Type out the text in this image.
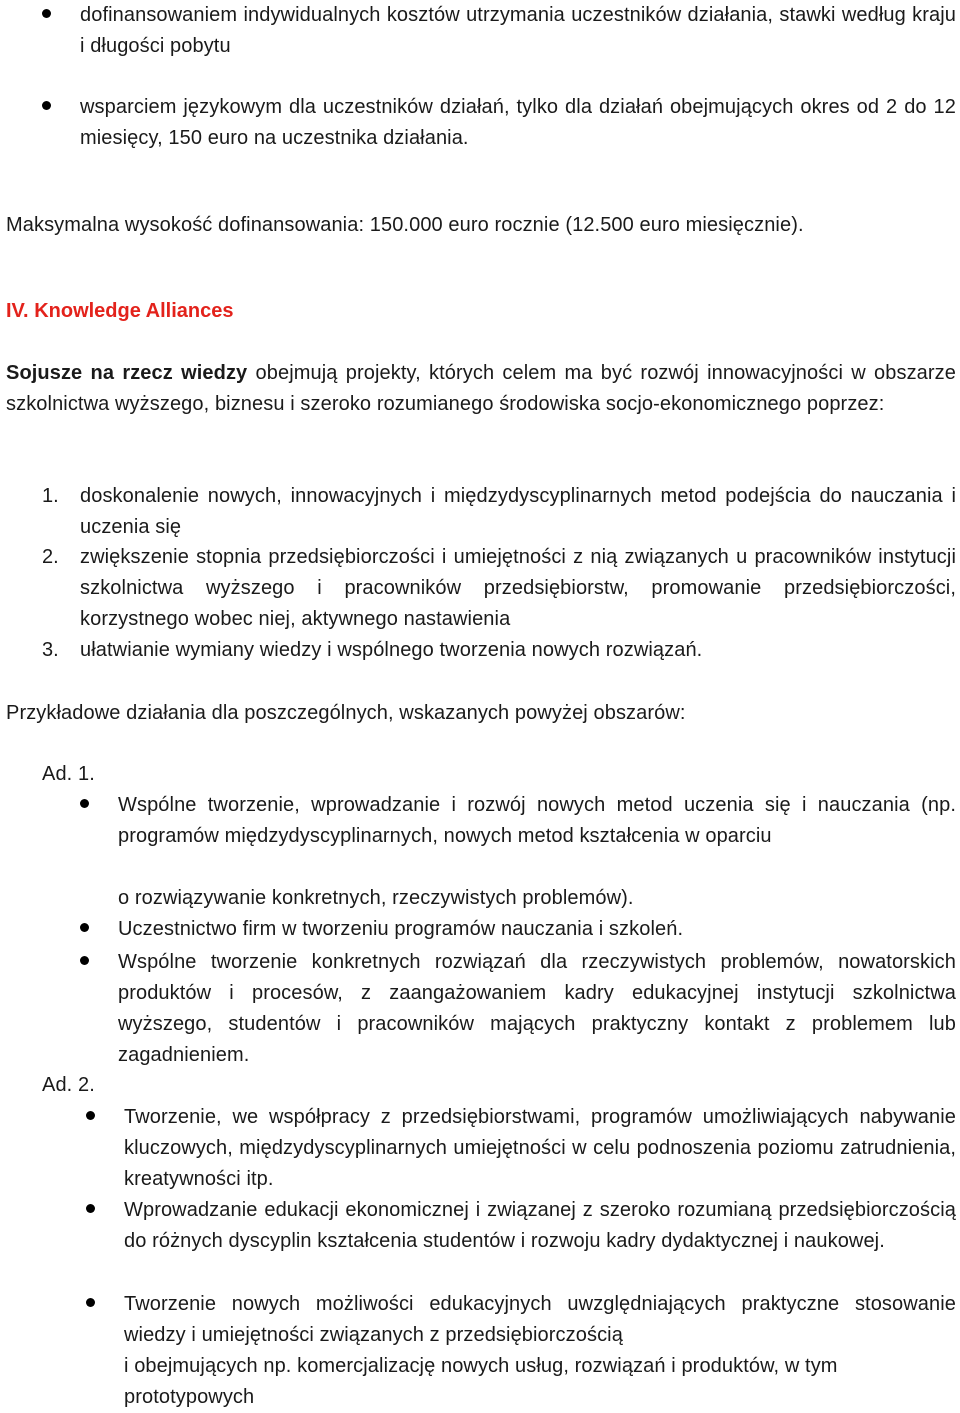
dofinansowaniem indywidualnych kosztów utrzymania uczestników działania, stawki według kraju i długości pobytu
wsparciem językowym dla uczestników działań, tylko dla działań obejmujących okres od 2 do 12 miesięcy, 150 euro na uczestnika działania.
Maksymalna wysokość dofinansowania: 150.000 euro rocznie (12.500 euro miesięcznie).
IV. Knowledge Alliances
Sojusze na rzecz wiedzy obejmują projekty, których celem ma być rozwój innowacyjności w obszarze szkolnictwa wyższego, biznesu i szeroko rozumianego środowiska socjo-ekonomicznego poprzez:
1. doskonalenie nowych, innowacyjnych i międzydyscyplinarnych metod podejścia do nauczania i uczenia się
2. zwiększenie stopnia przedsiębiorczości i umiejętności z nią związanych u pracowników instytucji szkolnictwa wyższego i pracowników przedsiębiorstw, promowanie przedsiębiorczości, korzystnego wobec niej, aktywnego nastawienia
3. ułatwianie wymiany wiedzy i wspólnego tworzenia nowych rozwiązań.
Przykładowe działania dla poszczególnych, wskazanych powyżej obszarów:
Ad. 1.
Wspólne tworzenie, wprowadzanie i rozwój nowych metod uczenia się i nauczania (np. programów międzydyscyplinarnych, nowych metod kształcenia w oparciu
o rozwiązywanie konkretnych, rzeczywistych problemów).
Uczestnictwo firm w tworzeniu programów nauczania i szkoleń.
Wspólne tworzenie konkretnych rozwiązań dla rzeczywistych problemów, nowatorskich produktów i procesów, z zaangażowaniem kadry edukacyjnej instytucji szkolnictwa wyższego, studentów i pracowników mających praktyczny kontakt z problemem lub zagadnieniem.
Ad. 2.
Tworzenie, we współpracy z przedsiębiorstwami, programów umożliwiających nabywanie kluczowych, międzydyscyplinarnych umiejętności w celu podnoszenia poziomu zatrudnienia, kreatywności itp.
Wprowadzanie edukacji ekonomicznej i związanej z szeroko rozumianą przedsiębiorczością do różnych dyscyplin kształcenia studentów i rozwoju kadry dydaktycznej i naukowej.
Tworzenie nowych możliwości edukacyjnych uwzględniających praktyczne stosowanie wiedzy i umiejętności związanych z przedsiębiorczością
i obejmujących np. komercjalizację nowych usług, rozwiązań i produktów, w tym prototypowych
